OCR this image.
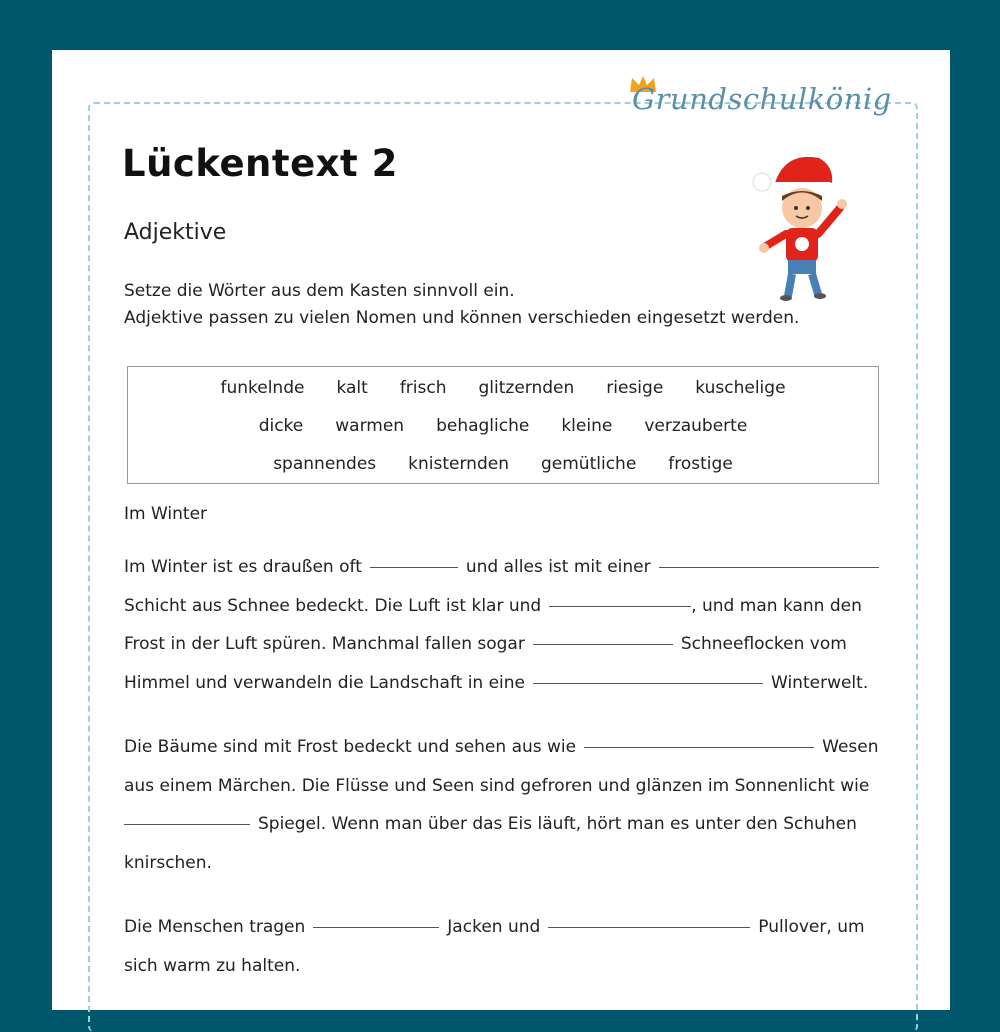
Grundschulkönig
Lückentext 2
Adjektive
Setze die Wörter aus dem Kasten sinnvoll ein.
Adjektive passen zu vielen Nomen und können verschieden eingesetzt werden.
funkelnde kalt frisch glitzernden riesige kuschelige
dicke warmen behagliche kleine verzauberte
spannendes knisternden gemütliche frostige
Im Winter
Im Winter ist es draußen oft	und alles ist mit einer
Schicht aus Schnee bedeckt. Die Luft ist klar und	, und man kann den
Frost in der Luft spüren. Manchmal fallen sogar	Schneeflocken vom
Himmel und verwandeln die Landschaft in eine	Winterwelt.
Die Bäume sind mit Frost bedeckt und sehen aus wie	Wesen
aus einem Märchen. Die Flüsse und Seen sind gefroren und glänzen im Sonnenlicht wie
Spiegel. Wenn man über das Eis läuft, hört man es unter den Schuhen
knirschen.
Die Menschen tragen	Jacken und	Pullover, um
sich warm zu halten.
